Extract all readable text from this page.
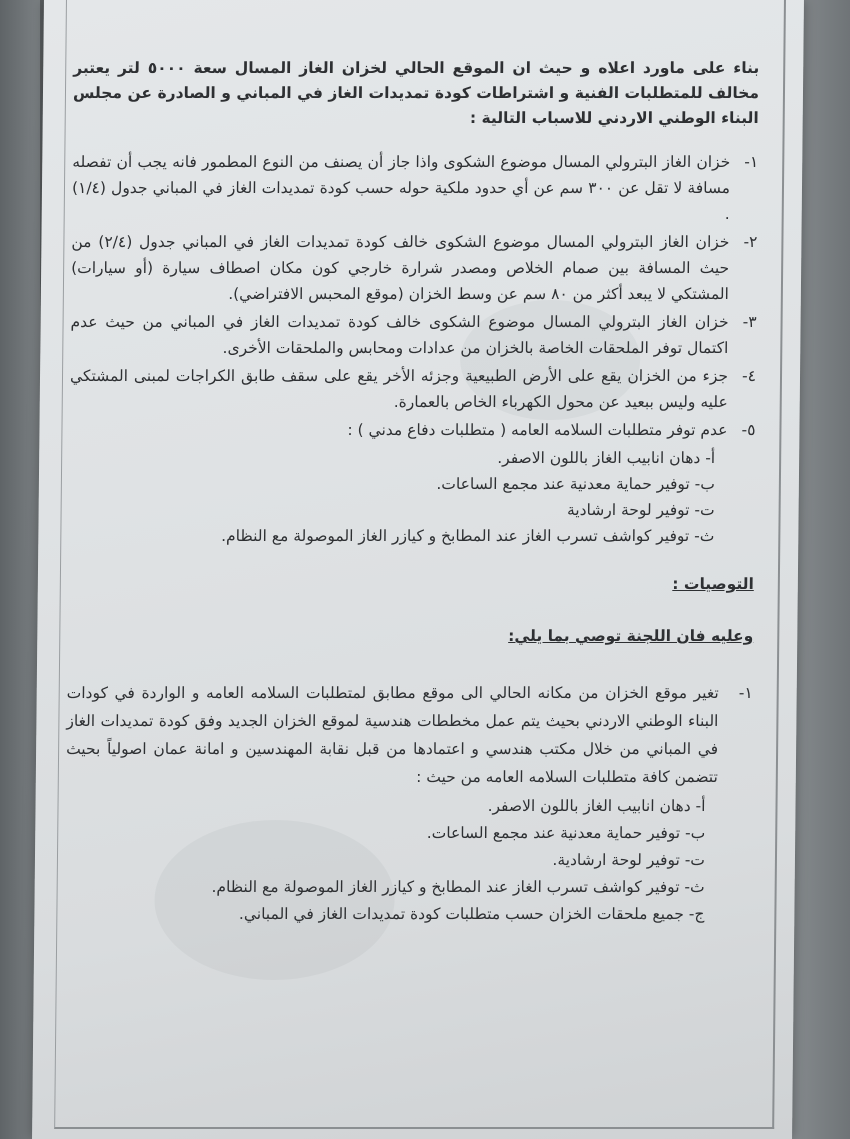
بناء على ماورد اعلاه و حيث ان الموقع الحالي لخزان الغاز المسال سعة ٥٠٠٠ لتر يعتبر مخالف للمتطلبات الفنية و اشتراطات كودة تمديدات الغاز في المباني و الصادرة عن مجلس البناء الوطني الاردني للاسباب التالية :

١-
خزان الغاز البترولي المسال موضوع الشكوى واذا جاز أن يصنف من النوع المطمور فانه يجب أن تفصله مسافة لا تقل عن ٣٠٠ سم عن أي حدود ملكية حوله حسب كودة تمديدات الغاز في المباني جدول (١/٤) .
٢-
خزان الغاز البترولي المسال موضوع الشكوى خالف كودة تمديدات الغاز في المباني جدول (٢/٤) من حيث المسافة بين صمام الخلاص ومصدر شرارة خارجي كون مكان اصطاف سيارة (أو سيارات) المشتكي لا يبعد أكثر من ٨٠ سم عن وسط الخزان (موقع المحبس الافتراضي).
٣-
خزان الغاز البترولي المسال موضوع الشكوى خالف كودة تمديدات الغاز في المباني من حيث عدم اكتمال توفر الملحقات الخاصة بالخزان من عدادات ومحابس والملحقات الأخرى.
٤-
جزء من الخزان يقع على الأرض الطبيعية وجزئه الأخر يقع على سقف طابق الكراجات لمبنى المشتكي عليه وليس ببعيد عن محول الكهرباء الخاص بالعمارة.
٥-
عدم توفر متطلبات السلامه العامه ( متطلبات دفاع مدني ) :

أ- دهان انابيب الغاز باللون الاصفر.

ب- توفير حماية معدنية عند مجمع الساعات.

ت- توفير لوحة ارشادية

ث- توفير كواشف تسرب الغاز عند المطابخ و كيازر الغاز الموصولة مع النظام.

التوصيات :

وعليه فان اللجنة توصي بما يلي:

١-
تغير موقع الخزان من مكانه الحالي الى موقع مطابق لمتطلبات السلامه العامه و الواردة في كودات البناء الوطني الاردني بحيث يتم عمل مخططات هندسية لموقع الخزان الجديد وفق كودة تمديدات الغاز في المباني من خلال مكتب هندسي و اعتمادها من قبل نقابة المهندسين و امانة عمان اصولياً بحيث تتضمن كافة متطلبات السلامه العامه من حيث :

أ- دهان انابيب الغاز باللون الاصفر.

ب- توفير حماية معدنية عند مجمع الساعات.

ت- توفير لوحة ارشادية.

ث- توفير كواشف تسرب الغاز عند المطابخ و كيازر الغاز الموصولة مع النظام.

ج- جميع ملحقات الخزان حسب متطلبات كودة تمديدات الغاز في المباني.
